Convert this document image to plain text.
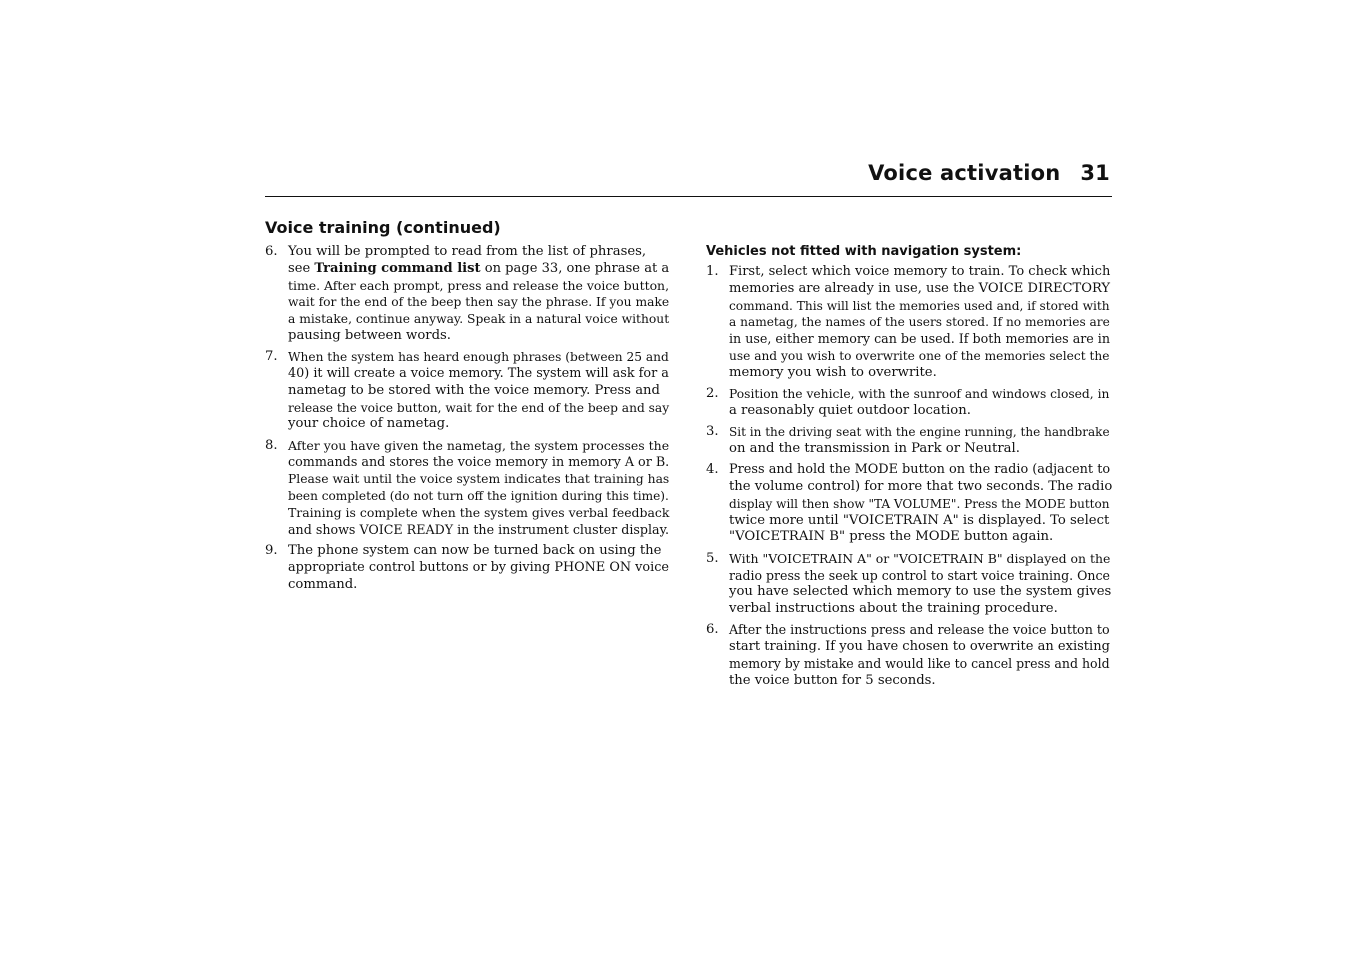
Voice activation 31
Voice training (continued)
6. You will be prompted to read from the list of phrases,
see Training command list on page 33, one phrase at a
time. After each prompt, press and release the voice button,
wait for the end of the beep then say the phrase. If you make
a mistake, continue anyway. Speak in a natural voice without
pausing between words.
7. When the system has heard enough phrases (between 25 and
40) it will create a voice memory. The system will ask for a
nametag to be stored with the voice memory. Press and
release the voice button, wait for the end of the beep and say
your choice of nametag.
8. After you have given the nametag, the system processes the
commands and stores the voice memory in memory A or B.
Please wait until the voice system indicates that training has
been completed (do not turn off the ignition during this time).
Training is complete when the system gives verbal feedback
and shows VOICE READY in the instrument cluster display.
9. The phone system can now be turned back on using the
appropriate control buttons or by giving PHONE ON voice
command.
Vehicles not fitted with navigation system:
1. First, select which voice memory to train. To check which
memories are already in use, use the VOICE DIRECTORY
command. This will list the memories used and, if stored with
a nametag, the names of the users stored. If no memories are
in use, either memory can be used. If both memories are in
use and you wish to overwrite one of the memories select the
memory you wish to overwrite.
2. Position the vehicle, with the sunroof and windows closed, in
a reasonably quiet outdoor location.
3. Sit in the driving seat with the engine running, the handbrake
on and the transmission in Park or Neutral.
4. Press and hold the MODE button on the radio (adjacent to
the volume control) for more that two seconds. The radio
display will then show "TA VOLUME". Press the MODE button
twice more until "VOICETRAIN A" is displayed. To select
"VOICETRAIN B" press the MODE button again.
5. With "VOICETRAIN A" or "VOICETRAIN B" displayed on the
radio press the seek up control to start voice training. Once
you have selected which memory to use the system gives
verbal instructions about the training procedure.
6. After the instructions press and release the voice button to
start training. If you have chosen to overwrite an existing
memory by mistake and would like to cancel press and hold
the voice button for 5 seconds.
